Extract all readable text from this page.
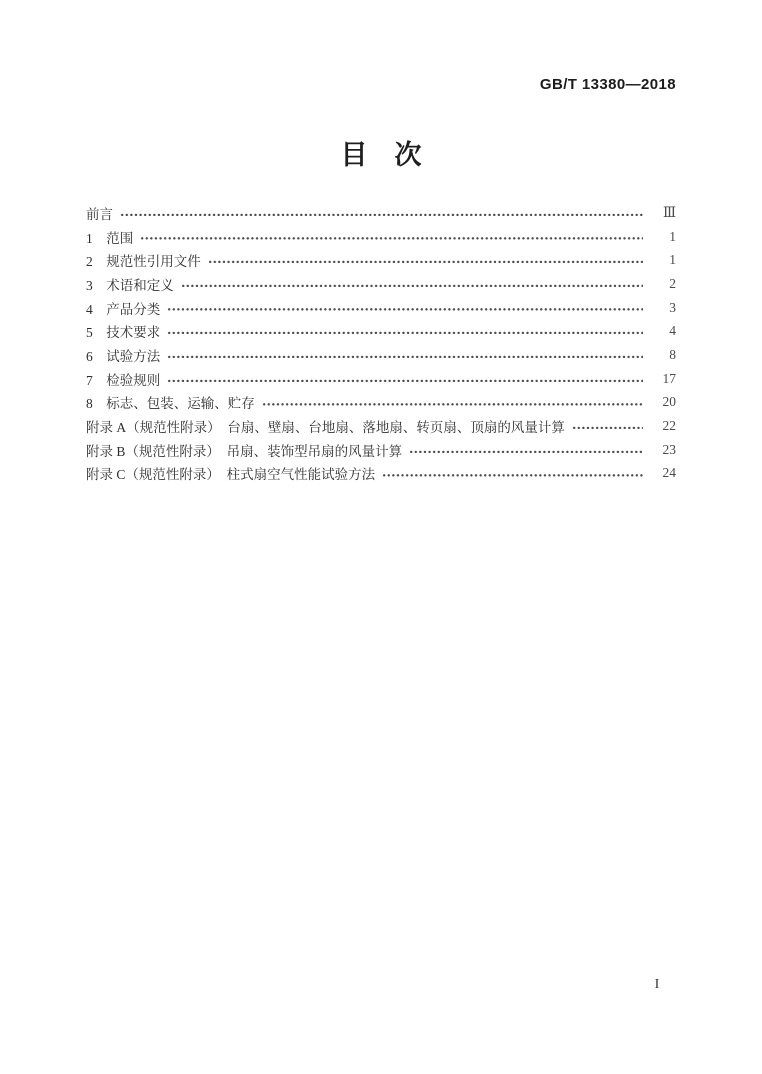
GB/T 13380—2018
目　次
前言	Ⅲ
1　范围	1
2　规范性引用文件	1
3　术语和定义	2
4　产品分类	3
5　技术要求	4
6　试验方法	8
7　检验规则	17
8　标志、包装、运输、贮存	20
附录 A（规范性附录）　台扇、壁扇、台地扇、落地扇、转页扇、顶扇的风量计算	22
附录 B（规范性附录）　吊扇、装饰型吊扇的风量计算	23
附录 C（规范性附录）　柱式扇空气性能试验方法	24
I
